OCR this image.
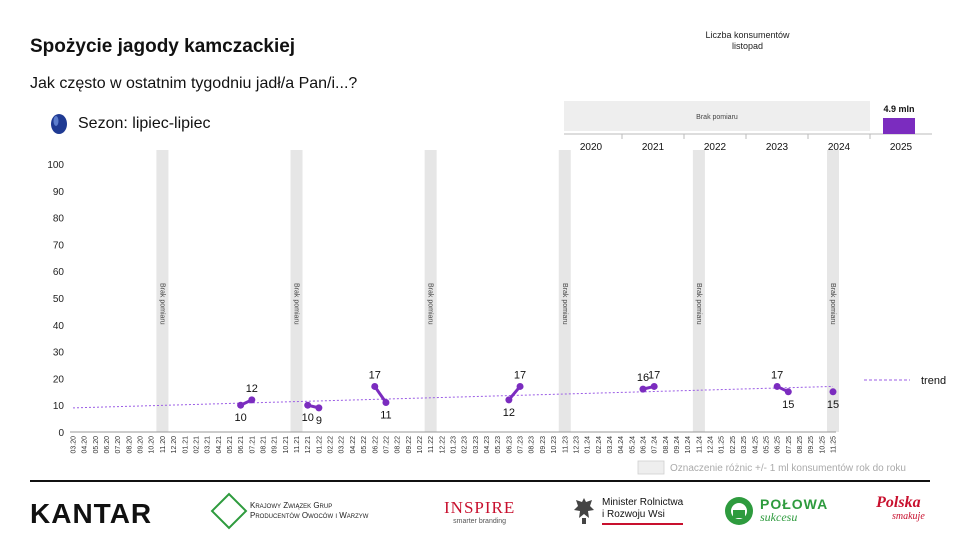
Spożycie jagody kamczackiej
Jak często w ostatnim tygodniu jadł/a Pan/i...?
Sezon: lipiec-lipiec
Liczba konsumentów
listopad
Brak pomiaru	Brak pomiaru	Brak pomiaru	Brak pomiaru	Brak pomiaru	Brak pomiaru
0
10
20
30
40
50
60
70
80
90
100
03.20 04.20 05.20 06.20 07.20 08.20 09.20 10.20 11.20 12.20 01.21 02.21 03.21 04.21 05.21 06.21 07.21 08.21 09.21 10.21 11.21 12.21 01.22 02.22 03.22 04.22 05.22 06.22 07.22 08.22 09.22 10.22 11.22 12.22 01.23 02.23 03.23 04.23 05.23 06.23 07.23 08.23 09.23 10.23 11.23 12.23 01.24 02.24 03.24 04.24 05.24 06.24 07.24 08.24 09.24 10.24 11.24 12.24 01.25 02.25 03.25 04.25 05.25 06.25 07.25 08.25 09.25 10.25 11.25
10
12
10 9
17
11	12
17	16
17	17
15	15
trend
Oznaczenie różnic +/- 1 ml konsumentów rok do roku
Brak pomiaru
2020	2021	2022	2023	2024	2025
4.9 mln
KANTAR	Krajowy Związek Grup
Producentów Owoców i Warzyw	INSPIRE
smarter branding
Minister Rolnictwa
i Rozwoju Wsi
POŁOWA
sukcesu
Polska
smakuje
